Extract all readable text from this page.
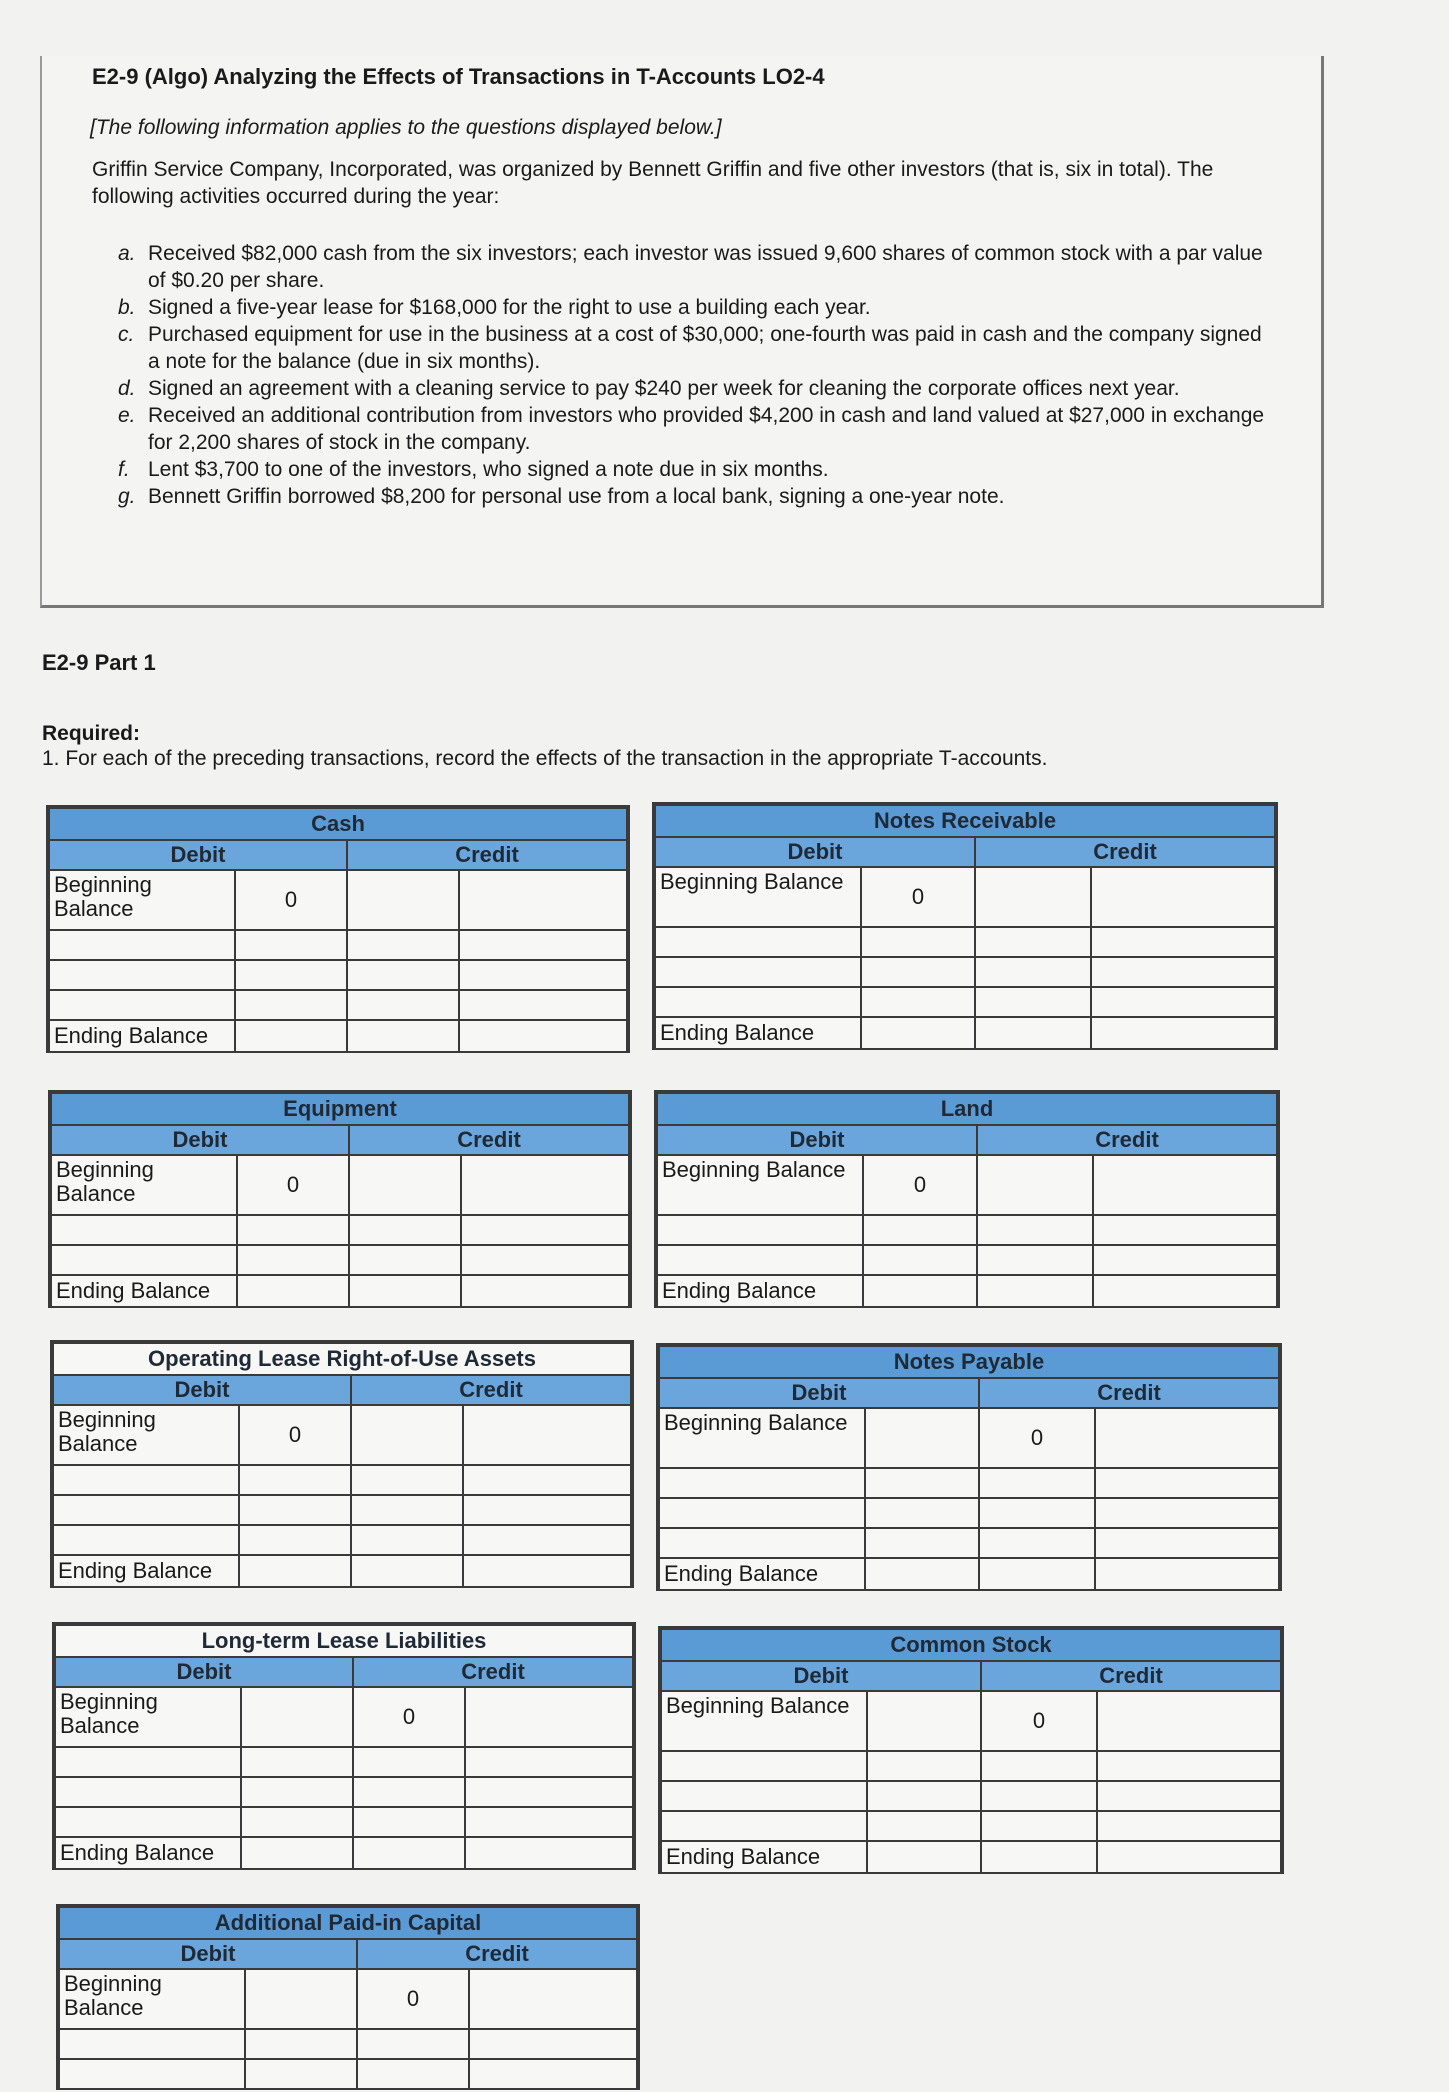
E2-9 (Algo) Analyzing the Effects of Transactions in T-Accounts LO2-4
[The following information applies to the questions displayed below.]
Griffin Service Company, Incorporated, was organized by Bennett Griffin and five other investors (that is, six in total). The following activities occurred during the year:
a. Received $82,000 cash from the six investors; each investor was issued 9,600 shares of common stock with a par value of $0.20 per share.
b. Signed a five-year lease for $168,000 for the right to use a building each year.
c. Purchased equipment for use in the business at a cost of $30,000; one-fourth was paid in cash and the company signed a note for the balance (due in six months).
d. Signed an agreement with a cleaning service to pay $240 per week for cleaning the corporate offices next year.
e. Received an additional contribution from investors who provided $4,200 in cash and land valued at $27,000 in exchange for 2,200 shares of stock in the company.
f. Lent $3,700 to one of the investors, who signed a note due in six months.
g. Bennett Griffin borrowed $8,200 for personal use from a local bank, signing a one-year note.
E2-9 Part 1
Required:
1. For each of the preceding transactions, record the effects of the transaction in the appropriate T-accounts.
Cash			
Debit		Credit	
Beginning Balance	0		

Ending Balance			
Equipment			
Debit		Credit	
Beginning Balance	0		

Ending Balance			
Operating Lease Right-of-Use Assets			
Debit		Credit	
Beginning Balance	0		

Ending Balance			
Long-term Lease Liabilities			
Debit		Credit	
Beginning Balance		0	

Ending Balance			
Additional Paid-in Capital			
Debit		Credit	
Beginning Balance		0	

Notes Receivable			
Debit		Credit	
Beginning Balance	0		

Ending Balance			
Land			
Debit		Credit	
Beginning Balance	0		

Ending Balance			
Notes Payable			
Debit		Credit	
Beginning Balance		0	

Ending Balance			
Common Stock			
Debit		Credit	
Beginning Balance		0	

Ending Balance			
